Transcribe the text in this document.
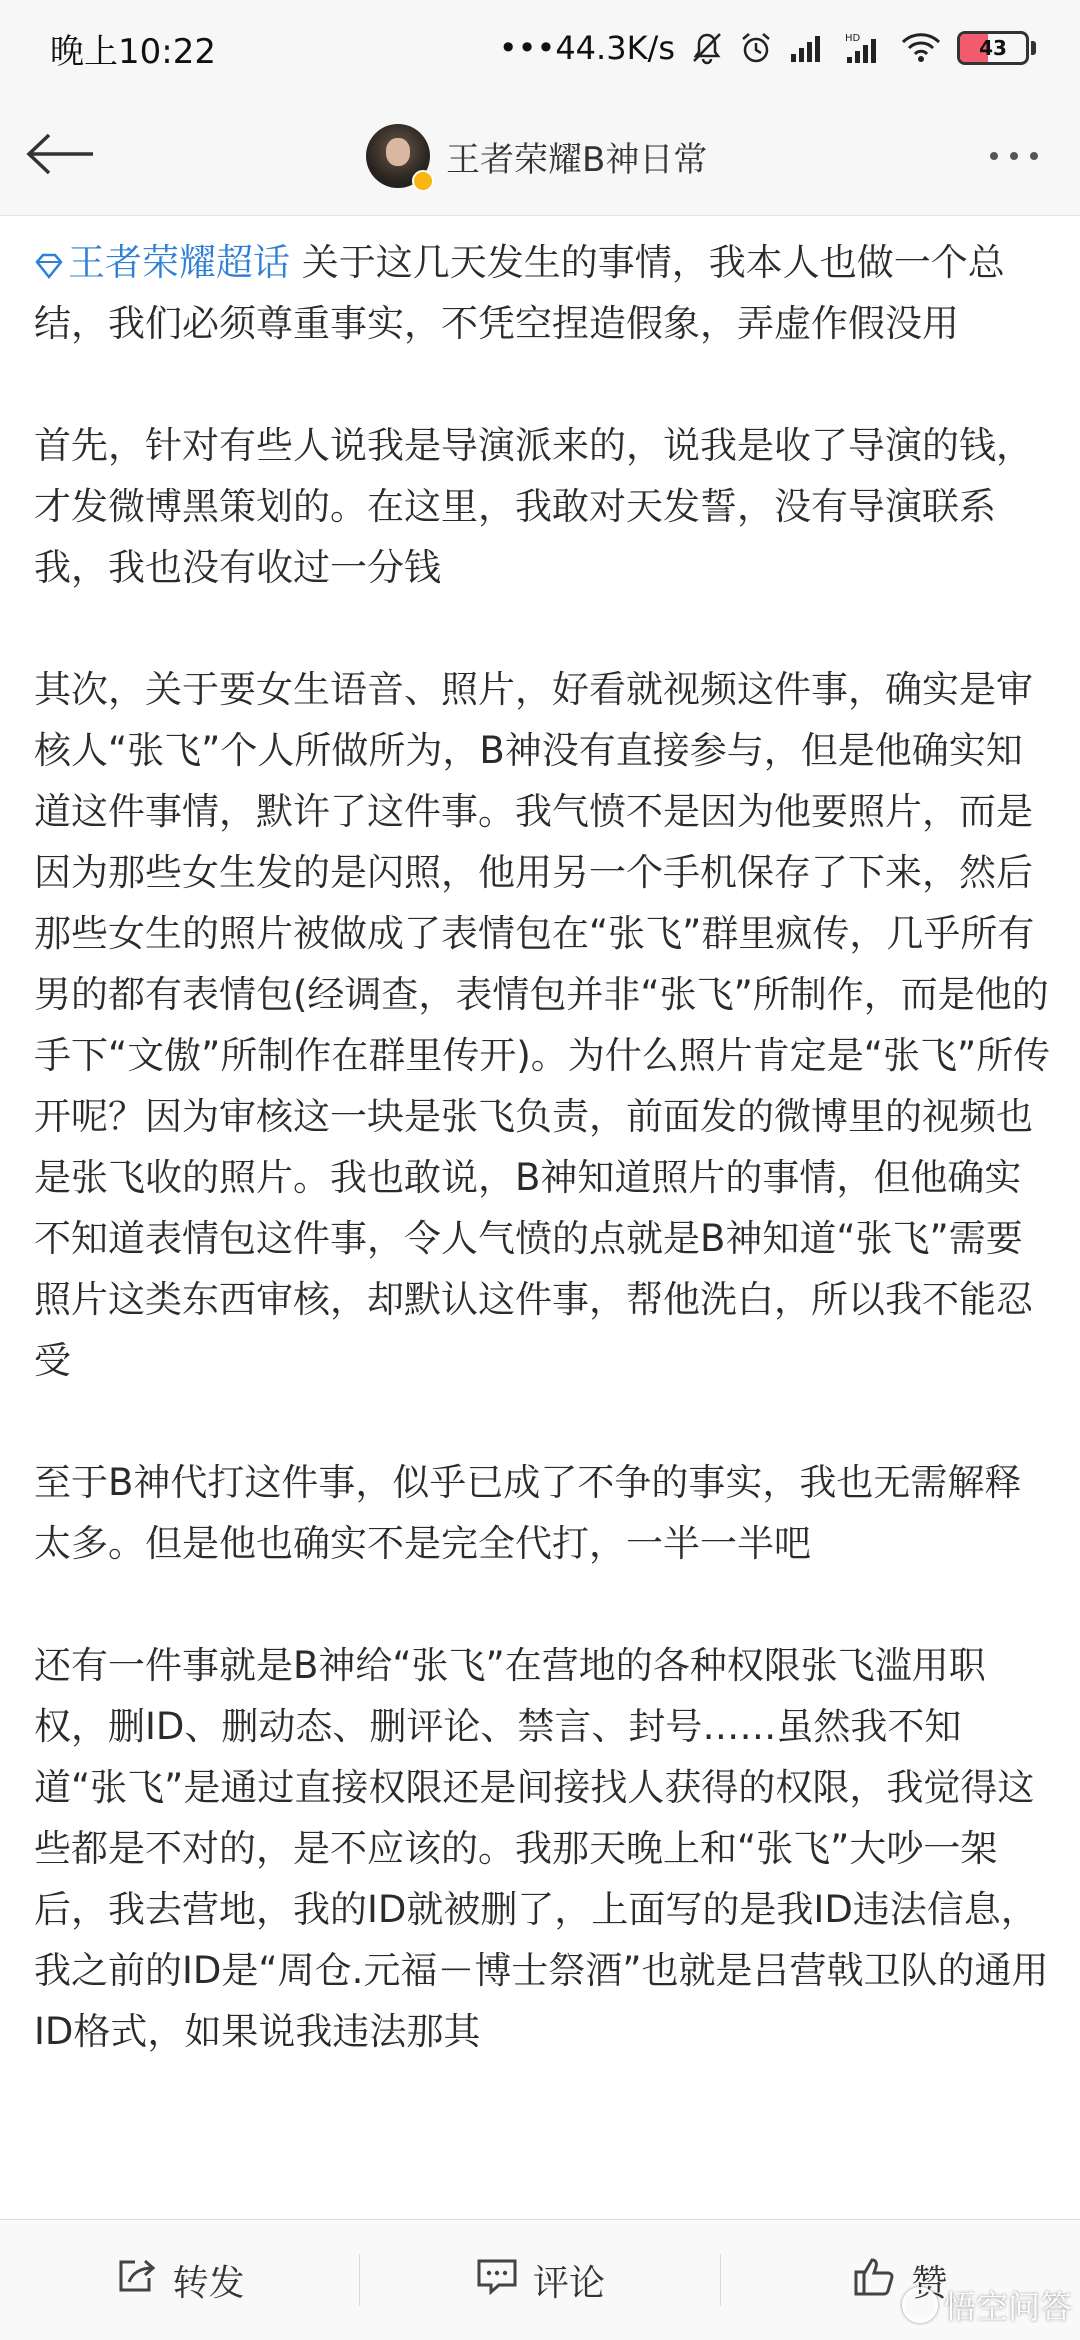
晚上10:22	•••44.3K/s	HD	43
王者荣耀B神日常

王者荣耀超话 关于这几天发生的事情，我本人也做一个总结，我们必须尊重事实，不凭空捏造假象，弄虚作假没用

首先，针对有些人说我是导演派来的，说我是收了导演的钱，才发微博黑策划的。在这里，我敢对天发誓，没有导演联系我，我也没有收过一分钱

其次，关于要女生语音、照片，好看就视频这件事，确实是审核人“张飞”个人所做所为，B神没有直接参与，但是他确实知道这件事情，默许了这件事。我气愤不是因为他要照片，而是因为那些女生发的是闪照，他用另一个手机保存了下来，然后那些女生的照片被做成了表情包在“张飞”群里疯传，几乎所有男的都有表情包(经调查，表情包并非“张飞”所制作，而是他的手下“文傲”所制作在群里传开)。为什么照片肯定是“张飞”所传开呢？因为审核这一块是张飞负责，前面发的微博里的视频也是张飞收的照片。我也敢说，B神知道照片的事情，但他确实不知道表情包这件事，令人气愤的点就是B神知道“张飞”需要照片这类东西审核，却默认这件事，帮他洗白，所以我不能忍受

至于B神代打这件事，似乎已成了不争的事实，我也无需解释太多。但是他也确实不是完全代打，一半一半吧

还有一件事就是B神给“张飞”在营地的各种权限张飞滥用职权，删ID、删动态、删评论、禁言、封号……虽然我不知道“张飞”是通过直接权限还是间接找人获得的权限，我觉得这些都是不对的，是不应该的。我那天晚上和“张飞”大吵一架后，我去营地，我的ID就被删了，上面写的是我ID违法信息，我之前的ID是“周仓.元福－博士祭酒”也就是吕营戟卫队的通用ID格式，如果说我违法那其

转发	评论	赞
悟空问答
